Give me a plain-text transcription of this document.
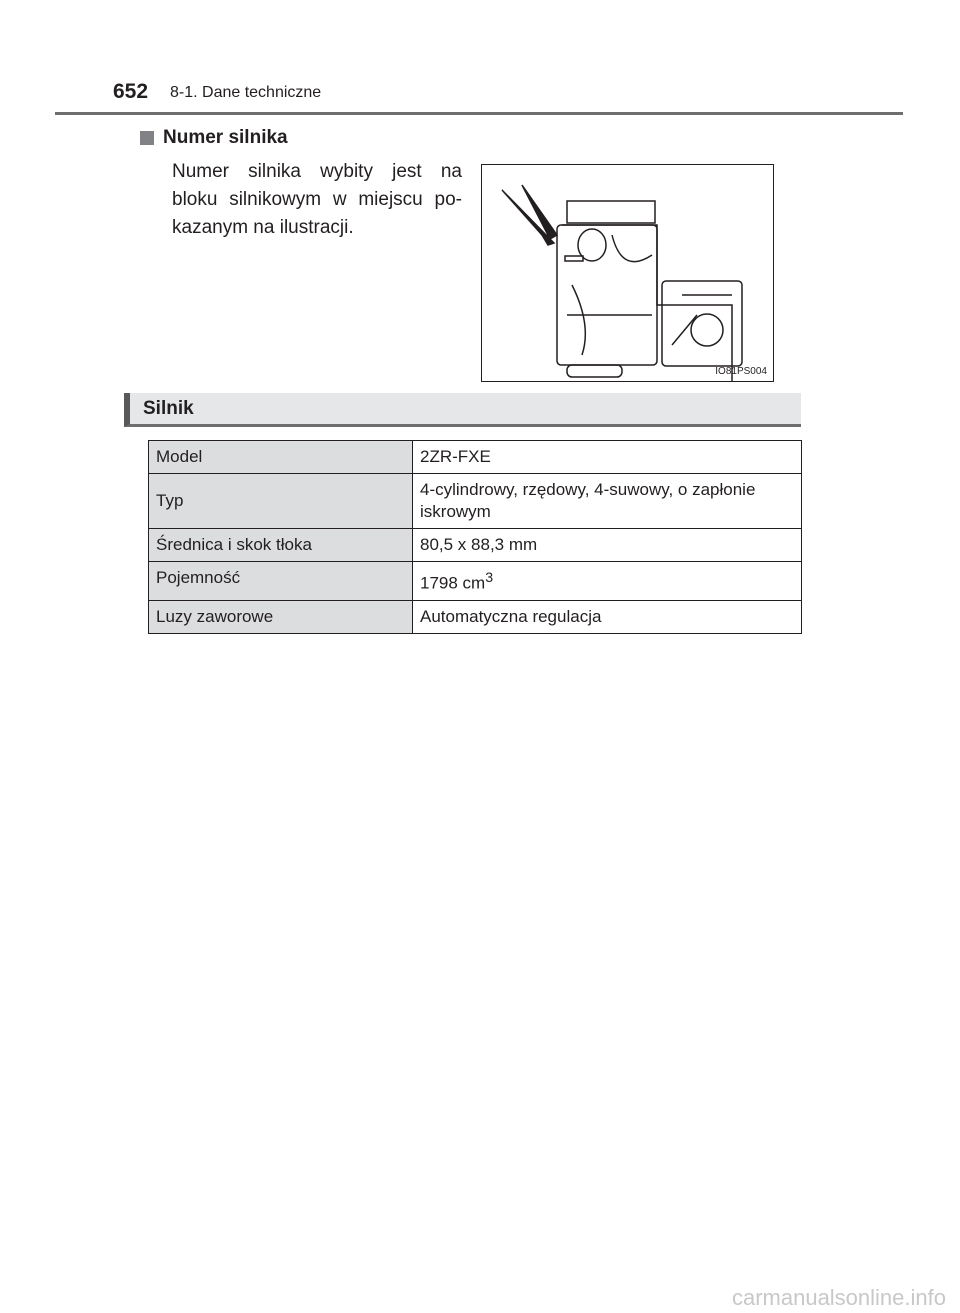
652 8-1. Dane techniczne
Numer silnika
Numer silnika wybity jest na
bloku silnikowym w miejscu po-
kazanym na ilustracji.
IO81PS004
Silnik
Model	2ZR-FXE
Typ	4-cylindrowy, rzędowy, 4-suwowy, o zapłonie iskrowym
Średnica i skok tłoka	80,5 x 88,3 mm
Pojemność	1798 $cm^3$
Luzy zaworowe	Automatyczna regulacja
carmanualsonline.info
